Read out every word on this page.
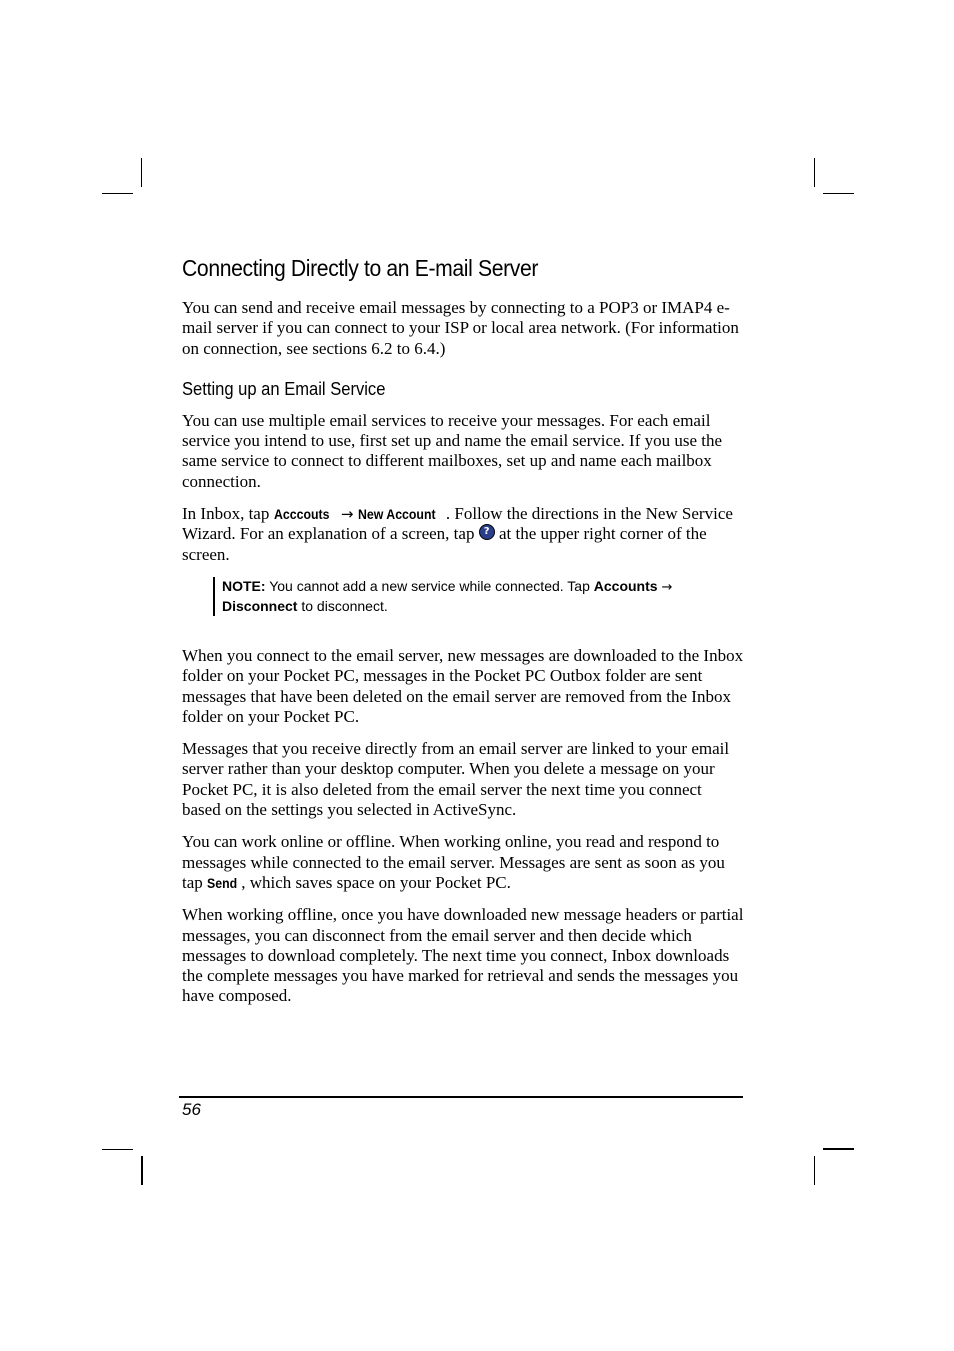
Connecting Directly to an E-mail Server

You can send and receive email messages by connecting to a POP3 or IMAP4 e-mail server if you can connect to your ISP or local area network. (For information on connection, see sections 6.2 to 6.4.)

Setting up an Email Service

You can use multiple email services to receive your messages. For each email service you intend to use, first set up and name the email service. If you use the same service to connect to different mailboxes, set up and name each mailbox connection.

In Inbox, tap Acccouts → New Account . Follow the directions in the New Service Wizard. For an explanation of a screen, tap ? at the upper right corner of the screen.

NOTE: You cannot add a new service while connected. Tap Accounts → Disconnect to disconnect.

When you connect to the email server, new messages are downloaded to the Inbox folder on your Pocket PC, messages in the Pocket PC Outbox folder are sent messages that have been deleted on the email server are removed from the Inbox folder on your Pocket PC.

Messages that you receive directly from an email server are linked to your email server rather than your desktop computer. When you delete a message on your Pocket PC, it is also deleted from the email server the next time you connect based on the settings you selected in ActiveSync.

You can work online or offline. When working online, you read and respond to messages while connected to the email server. Messages are sent as soon as you tap Send , which saves space on your Pocket PC.

When working offline, once you have downloaded new message headers or partial messages, you can disconnect from the email server and then decide which messages to download completely. The next time you connect, Inbox downloads the complete messages you have marked for retrieval and sends the messages you have composed.

56
